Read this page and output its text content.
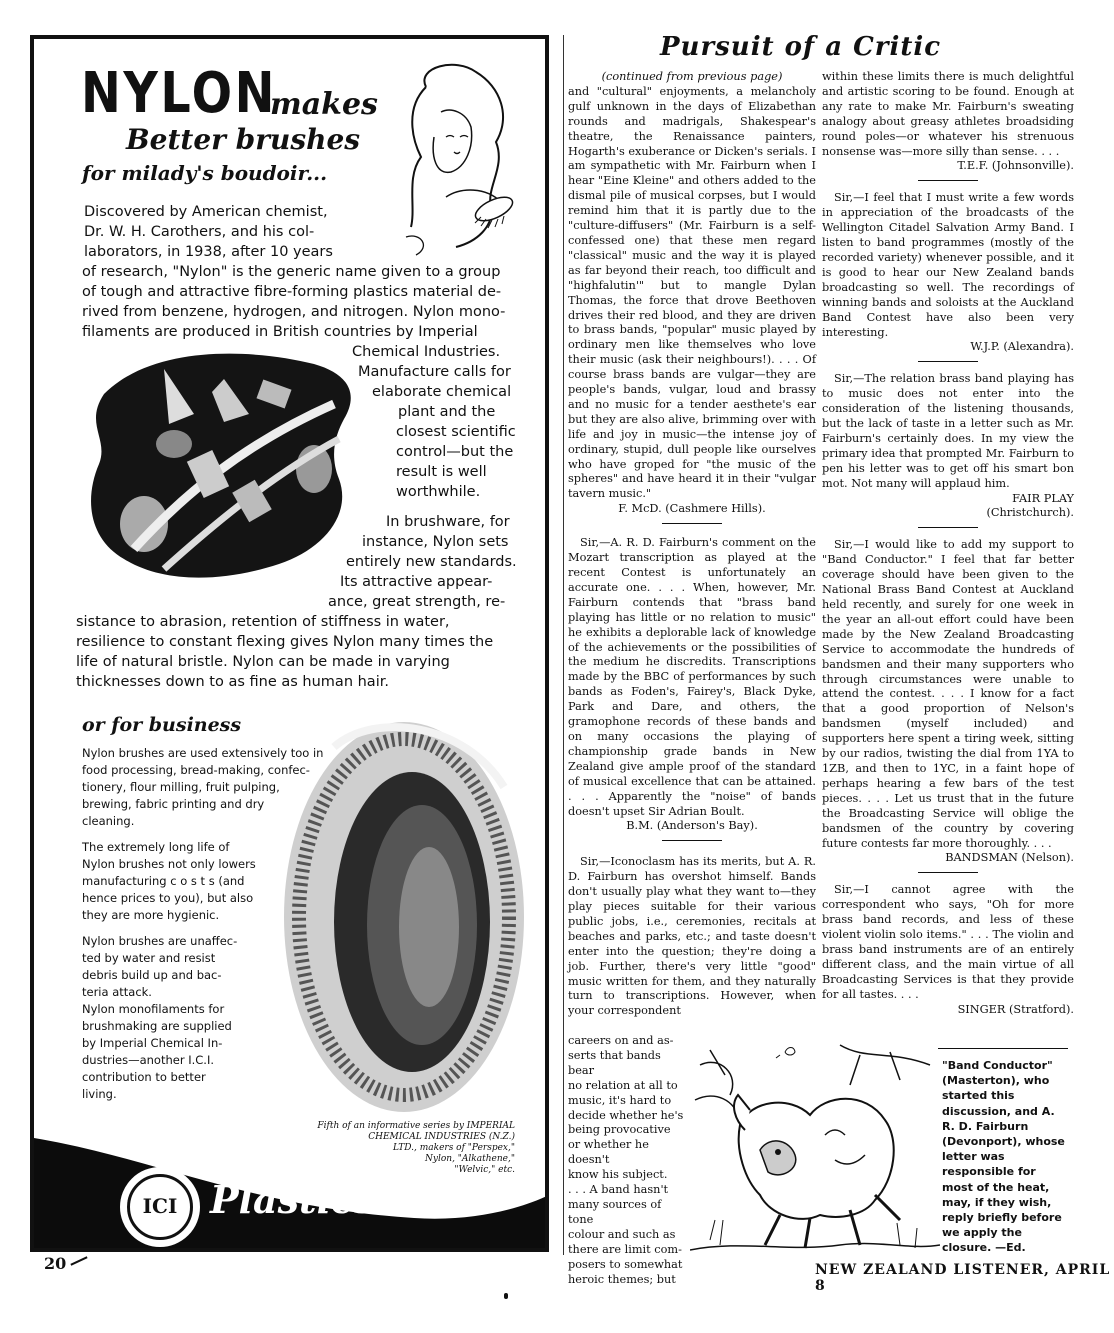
NYLON
makes
Better brushes
for milady's boudoir...
Discovered by American chemist,
Dr. W. H. Carothers, and his col-
laborators, in 1938, after 10 years
of research, "Nylon" is the generic name given to a group
of tough and attractive fibre-forming plastics material de-
rived from benzene, hydrogen, and nitrogen. Nylon mono-
filaments are produced in British countries by Imperial
Chemical Industries.
Manufacture calls for
elaborate chemical
plant and the
closest scientific
control—but the
result is well
worthwhile.
In brushware, for
instance, Nylon sets
entirely new standards.
Its attractive appear-
ance, great strength, re-
sistance to abrasion, retention of stiffness in water,
resilience to constant flexing gives Nylon many times the
life of natural bristle. Nylon can be made in varying
thicknesses down to as fine as human hair.
or for business
Nylon brushes are used extensively too in
food processing, bread-making, confec-
tionery, flour milling, fruit pulping,
brewing, fabric printing and dry
cleaning.
The extremely long life of
Nylon brushes not only lowers
manufacturing c o s t s (and
hence prices to you), but also
they are more hygienic.
Nylon brushes are unaffec-
ted by water and resist
debris build up and bac-
teria attack.
Nylon monofilaments for
brushmaking are supplied
by Imperial Chemical In-
dustries—another I.C.I.
contribution to better
living.
Fifth of an informative series by IMPERIAL
CHEMICAL INDUSTRIES (N.Z.)
LTD., makers of "Perspex,"
Nylon, "Alkathene,"
"Welvic," etc.
ICI Plastics
Pursuit of a Critic
(continued from previous page)

and "cultural" enjoyments, a melancholy gulf unknown in the days of Elizabethan rounds and madrigals, Shakespear's theatre, the Renaissance painters, Hogarth's exuberance or Dicken's serials. I am sympathetic with Mr. Fairburn when I hear "Eine Kleine" and others added to the dismal pile of musical corpses, but I would remind him that it is partly due to the "culture-diffusers" (Mr. Fairburn is a self-confessed one) that these men regard "classical" music and the way it is played as far beyond their reach, too difficult and "highfalutin'" but to mangle Dylan Thomas, the force that drove Beethoven drives their red blood, and they are driven to brass bands, "popular" music played by ordinary men like themselves who love their music (ask their neighbours!). . . . Of course brass bands are vulgar—they are people's bands, vulgar, loud and brassy and no music for a tender aesthete's ear but they are also alive, brimming over with life and joy in music—the intense joy of ordinary, stupid, dull people like ourselves who have groped for "the music of the spheres" and have heard it in their "vulgar tavern music."

F. McD. (Cashmere Hills).

Sir,—A. R. D. Fairburn's comment on the Mozart transcription as played at the recent Contest is unfortunately an accurate one. . . . When, however, Mr. Fairburn contends that "brass band playing has little or no relation to music" he exhibits a deplorable lack of knowledge of the achievements or the possibilities of the medium he discredits. Transcriptions made by the BBC of performances by such bands as Foden's, Fairey's, Black Dyke, Park and Dare, and others, the gramophone records of these bands and on many occasions the playing of championship grade bands in New Zealand give ample proof of the standard of musical excellence that can be attained. . . . Apparently the "noise" of bands doesn't upset Sir Adrian Boult.

B.M. (Anderson's Bay).

Sir,—Iconoclasm has its merits, but A. R. D. Fairburn has overshot himself. Bands don't usually play what they want to—they play pieces suitable for their various public jobs, i.e., ceremonies, recitals at beaches and parks, etc.; and taste doesn't enter into the question; they're doing a job. Further, there's very little "good" music written for them, and they naturally turn to transcriptions. However, when your correspondent

careers on and as-
serts that bands bear
no relation at all to
music, it's hard to
decide whether he's
being provocative
or whether he doesn't
know his subject.
. . . A band hasn't
many sources of tone
colour and such as
there are limit com-
posers to somewhat
heroic themes; but

within these limits there is much delightful and artistic scoring to be found. Enough at any rate to make Mr. Fairburn's sweating analogy about greasy athletes broadsiding round poles—or whatever his strenuous nonsense was—more silly than sense. . . .

T.E.F. (Johnsonville).

Sir,—I feel that I must write a few words in appreciation of the broadcasts of the Wellington Citadel Salvation Army Band. I listen to band programmes (mostly of the recorded variety) whenever possible, and it is good to hear our New Zealand bands broadcasting so well. The recordings of winning bands and soloists at the Auckland Band Contest have also been very interesting.

W.J.P. (Alexandra).

Sir,—The relation brass band playing has to music does not enter into the consideration of the listening thousands, but the lack of taste in a letter such as Mr. Fairburn's certainly does. In my view the primary idea that prompted Mr. Fairburn to pen his letter was to get off his smart bon mot. Not many will applaud him.

FAIR PLAY
(Christchurch).

Sir,—I would like to add my support to "Band Conductor." I feel that far better coverage should have been given to the National Brass Band Contest at Auckland held recently, and surely for one week in the year an all-out effort could have been made by the New Zealand Broadcasting Service to accommodate the hundreds of bandsmen and their many supporters who through circumstances were unable to attend the contest. . . . I know for a fact that a good proportion of Nelson's bandsmen (myself included) and supporters here spent a tiring week, sitting by our radios, twisting the dial from 1YA to 1ZB, and then to 1YC, in a faint hope of perhaps hearing a few bars of the test pieces. . . . Let us trust that in the future the Broadcasting Service will oblige the bandsmen of the country by covering future contests far more thoroughly. . . .

BANDSMAN (Nelson).

Sir,—I cannot agree with the correspondent who says, "Oh for more brass band records, and less of these violent violin solo items." . . . The violin and brass band instruments are of an entirely different class, and the main virtue of all Broadcasting Services is that they provide for all tastes. . . .

SINGER (Stratford).
"Band Conductor" (Masterton), who started this discussion, and A. R. D. Fairburn (Devonport), whose letter was responsible for most of the heat, may, if they wish, reply briefly before we apply the closure. —Ed.
20	NEW ZEALAND LISTENER, APRIL 8
